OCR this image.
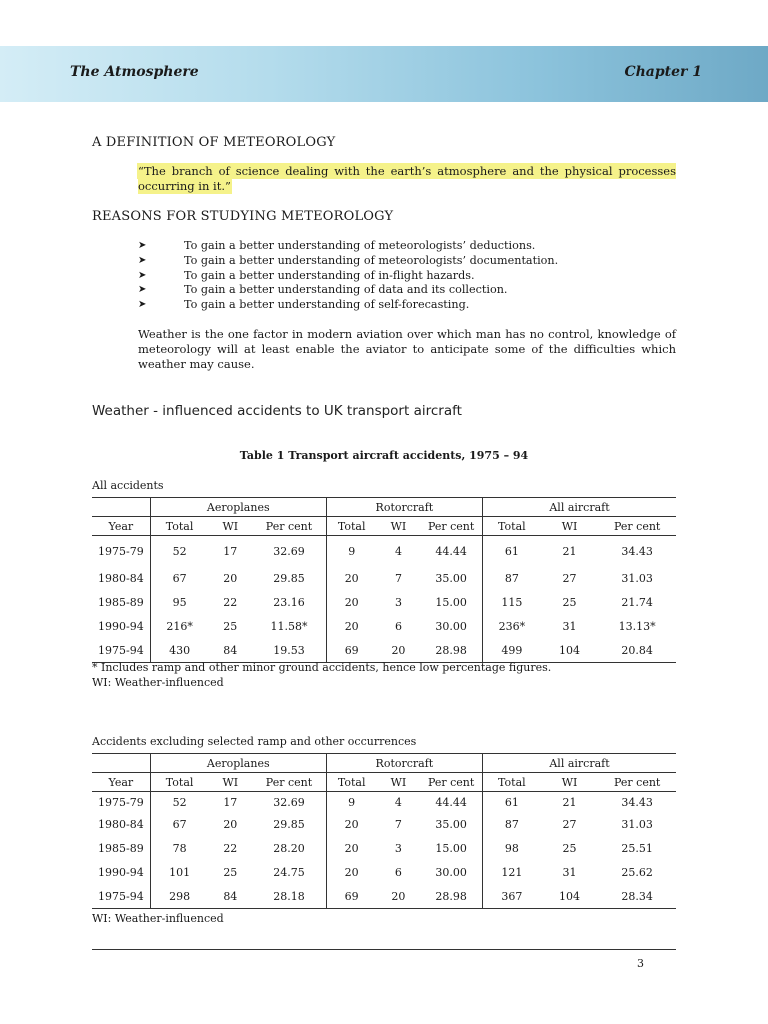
The Atmosphere	Chapter 1
A DEFINITION OF METEOROLOGY
“The branch of science dealing with the earth’s atmosphere and the physical processes occurring in it.”
REASONS FOR STUDYING METEOROLOGY
➤	To gain a better understanding of meteorologists’ deductions.
➤	To gain a better understanding of meteorologists’ documentation.
➤	To gain a better understanding of in-flight hazards.
➤	To gain a better understanding of data and its collection.
➤	To gain a better understanding of self-forecasting.
Weather is the one factor in modern aviation over which man has no control, knowledge of meteorology will at least enable the aviator to anticipate some of the difficulties which weather may cause.
Weather - influenced accidents to UK transport aircraft
Table 1 Transport aircraft accidents, 1975 – 94
All accidents
	Aeroplanes			Rotorcraft			All aircraft		
Year	Total	WI	Per cent	Total	WI	Per cent	Total	WI	Per cent
1975-79	52	17	32.69	9	4	44.44	61	21	34.43
1980-84	67	20	29.85	20	7	35.00	87	27	31.03
1985-89	95	22	23.16	20	3	15.00	115	25	21.74
1990-94	216*	25	11.58*	20	6	30.00	236*	31	13.13*
1975-94	430	84	19.53	69	20	28.98	499	104	20.84
* Includes ramp and other minor ground accidents, hence low percentage figures.
WI: Weather-influenced
Accidents excluding selected ramp and other occurrences
	Aeroplanes			Rotorcraft			All aircraft		
Year	Total	WI	Per cent	Total	WI	Per cent	Total	WI	Per cent
1975-79	52	17	32.69	9	4	44.44	61	21	34.43
1980-84	67	20	29.85	20	7	35.00	87	27	31.03
1985-89	78	22	28.20	20	3	15.00	98	25	25.51
1990-94	101	25	24.75	20	6	30.00	121	31	25.62
1975-94	298	84	28.18	69	20	28.98	367	104	28.34
WI: Weather-influenced
3
